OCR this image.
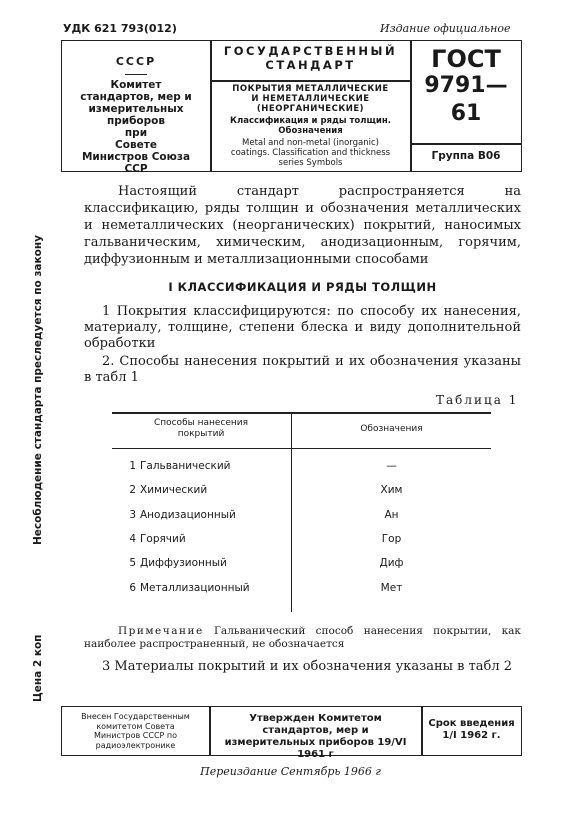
УДК 621 793(012)	Издание официальное
СССР
Комитет стандартов, мер и измерительных приборов
при
Совете Министров Союза ССР
ГОСУДАРСТВЕННЫЙ
СТАНДАРТ
ПОКРЫТИЯ МЕТАЛЛИЧЕСКИЕ И НЕМЕТАЛЛИЧЕСКИЕ (НЕОРГАНИЧЕСКИЕ)
Классификация и ряды толщин. Обозначения
Metal and non-metal (inorganic) coatings. Classification and thickness series Symbols
ГОСТ
9791—61
Группа В06
Настоящий стандарт распространяется на классификацию, ряды толщин и обозначения металлических и неметаллических (неорганических) покрытий, наносимых гальваническим, химическим, анодизационным, горячим, диффузионным и металлизационными способами
I КЛАССИФИКАЦИЯ И РЯДЫ ТОЛЩИН
1 Покрытия классифицируются: по способу их нанесения, материалу, толщине, степени блеска и виду дополнительной обработки
2. Способы нанесения покрытий и их обозначения указаны в табл 1
Таблица 1
Способы нанесения покрытий	Обозначения
1 Гальванический	—
2 Химический	Хим
3 Анодизационный	Ан
4 Горячий	Гор
5 Диффузионный	Диф
6 Металлизационный	Мет
Примечание Гальванический способ нанесения покрытии, как наиболее распространенный, не обозначается
3 Материалы покрытий и их обозначения указаны в табл 2
Внесен Государственным комитетом Совета Министров СССР по радиоэлектронике
Утвержден Комитетом стандартов, мер и измерительных приборов 19/VI 1961 г
Срок введения
1/I 1962 г.
Переиздание Сентябрь 1966 г
Несоблюдение стандарта преследуется по закону
Цена 2 коп
